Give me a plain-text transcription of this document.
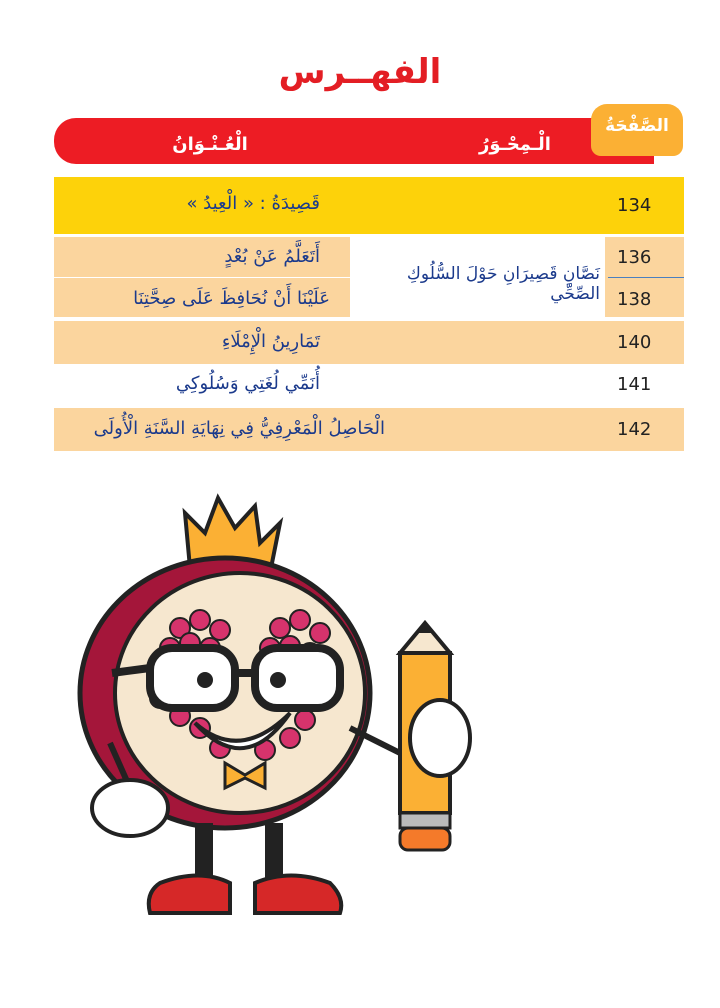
الفهــرس
الصَّفْحَةُ
الْـمِحْـوَرُ
الْعُـنْـوَانُ
134
قَصِيدَةُ : « الْعِيدُ »
136
138
أَتَعَلَّمُ عَنْ بُعْدٍ
عَلَيْنَا أَنْ نُحَافِظَ عَلَى صِحَّتِنَا
نَصَّانِ قَصِيرَانِ حَوْلَ السُّلُوكِ الصِّحِّي
140
تَمَارِينُ الْإِمْلَاءِ
141
أُنَمِّي لُغَتِي وَسُلُوكِي
142
الْحَاصِلُ الْمَعْرِفِيُّ فِي نِهَايَةِ السَّنَةِ الْأُولَى
